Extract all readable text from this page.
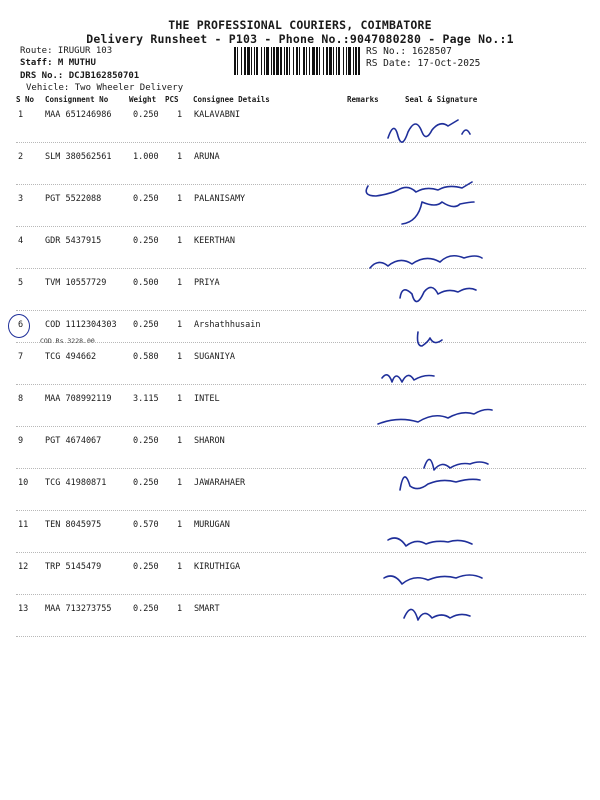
THE PROFESSIONAL COURIERS, COIMBATORE
Delivery Runsheet - P103 - Phone No.:9047080280 - Page No.:1
Route: IRUGUR 103
Staff: M MUTHU
DRS No.: DCJB162850701
Vehicle: Two Wheeler Delivery
RS No.: 1628507
RS Date: 17-Oct-2025
S No Consignment No	Weight PCS Consignee Details	Remarks	Seal & Signature
1	MAA 651246986	0.250 1 KALAVABNI
2	SLM 380562561	1.000 1 ARUNA
3	PGT 5522088	0.250 1 PALANISAMY
4	GDR 5437915	0.250 1 KEERTHAN
5	TVM 10557729	0.500 1 PRIYA
6	COD 1112304303 0.250 1 Arshathhusain
COD Rs.3228.00
7	TCG 494662	0.580 1 SUGANIYA
8	MAA 708992119	3.115 1 INTEL
9	PGT 4674067	0.250 1 SHARON
10 TCG 41980871	0.250 1 JAWARAHAER
11 TEN 8045975	0.570 1 MURUGAN
12 TRP 5145479	0.250 1 KIRUTHIGA
13 MAA 713273755	0.250 1 SMART
